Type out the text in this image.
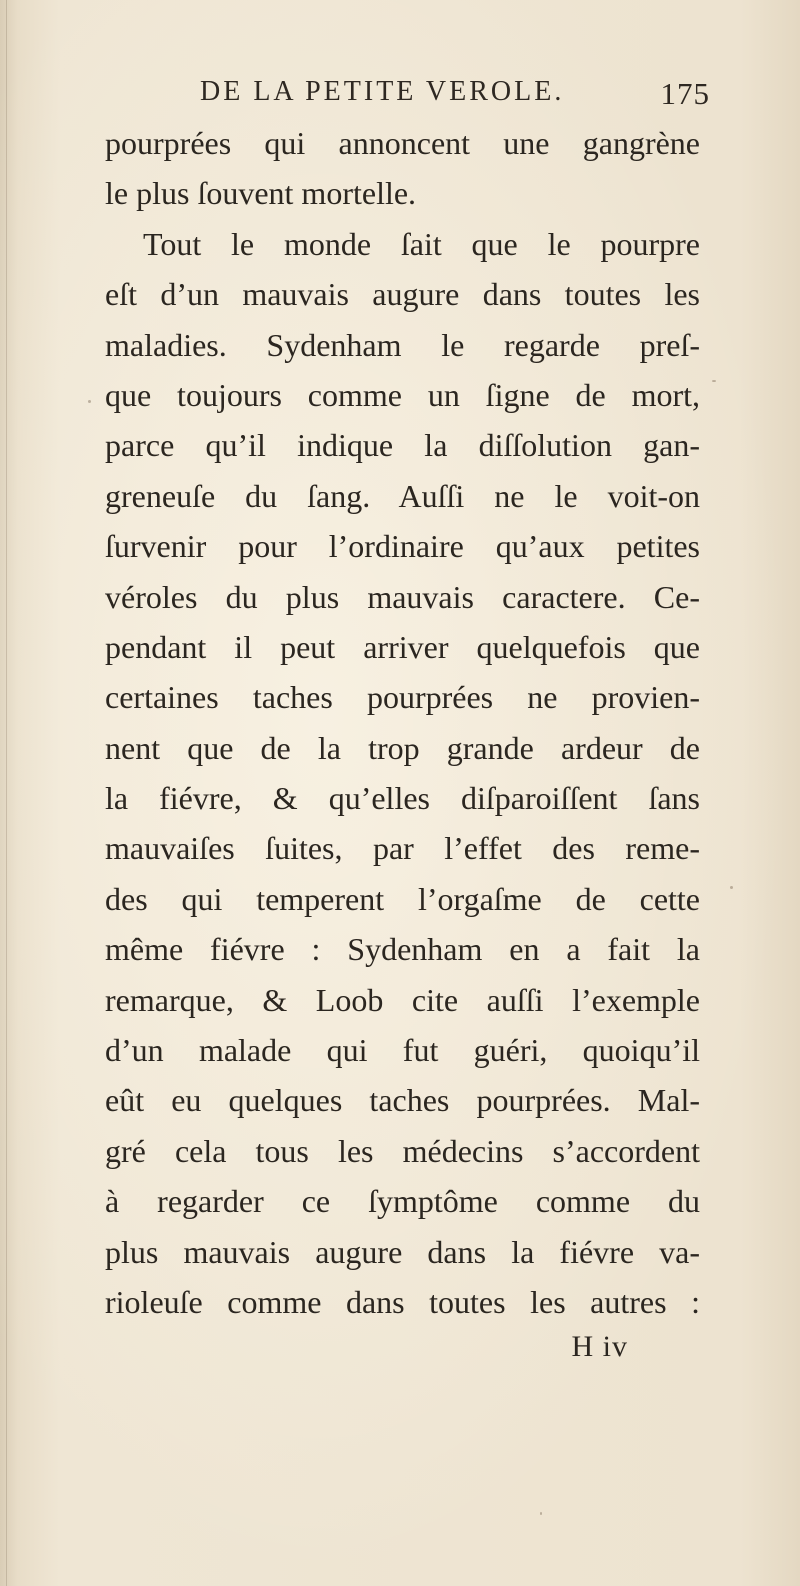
DE LA PETITE VEROLE.	175
pourprées qui annoncent une gangrène
le plus ſouvent mortelle.
Tout le monde ſait que le pourpre
eſt d’un mauvais augure dans toutes les
maladies. Sydenham le regarde preſ-
que toujours comme un ſigne de mort,
parce qu’il indique la diſſolution gan-
greneuſe du ſang. Auſſi ne le voit-on
ſurvenir pour l’ordinaire qu’aux petites
véroles du plus mauvais caractere. Ce-
pendant il peut arriver quelquefois que
certaines taches pourprées ne provien-
nent que de la trop grande ardeur de
la fiévre, & qu’elles diſparoiſſent ſans
mauvaiſes ſuites, par l’effet des reme-
des qui temperent l’orgaſme de cette
même fiévre : Sydenham en a fait la
remarque, & Loob cite auſſi l’exemple
d’un malade qui fut guéri, quoiqu’il
eût eu quelques taches pourprées. Mal-
gré cela tous les médecins s’accordent
à regarder ce ſymptôme comme du
plus mauvais augure dans la fiévre va-
rioleuſe comme dans toutes les autres :
H iv
